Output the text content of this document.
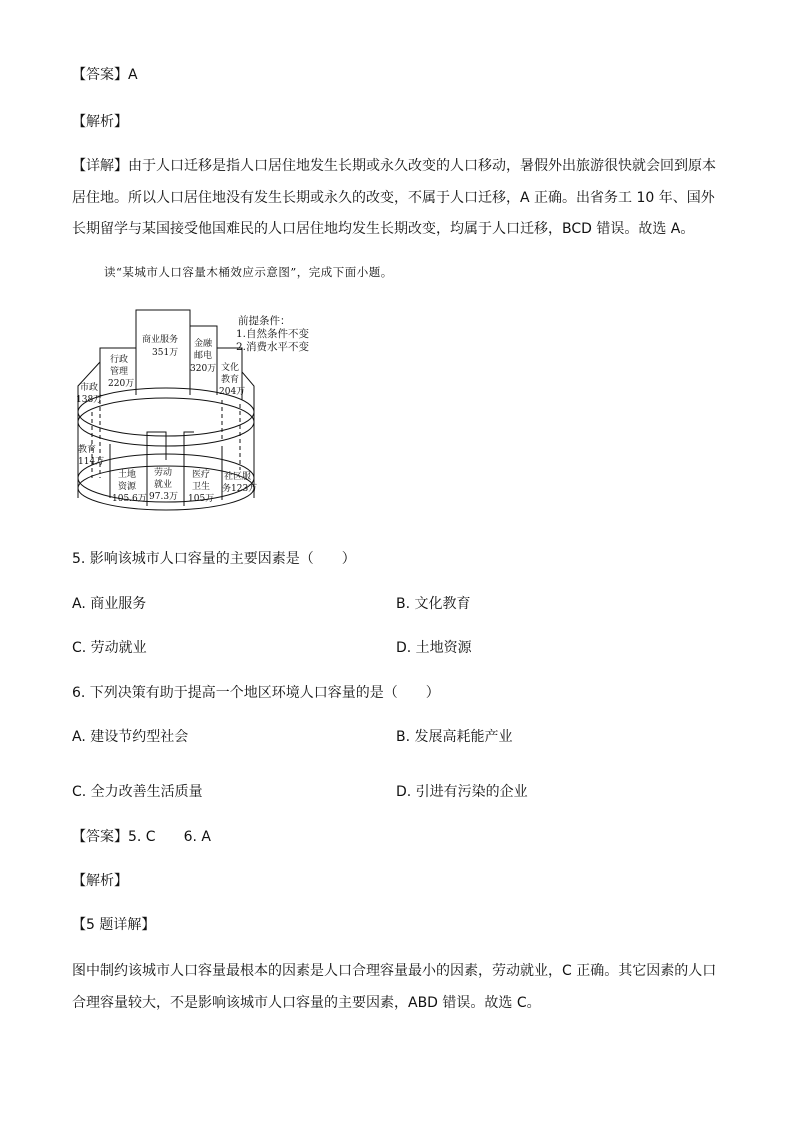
【答案】A
【解析】
【详解】由于人口迁移是指人口居住地发生长期或永久改变的人口移动，暑假外出旅游很快就会回到原本
居住地。所以人口居住地没有发生长期或永久的改变，不属于人口迁移，A 正确。出省务工 10 年、国外
长期留学与某国接受他国难民的人口居住地均发生长期改变，均属于人口迁移，BCD 错误。故选 A。
读“某城市人口容量木桶效应示意图”，完成下面小题。
前提条件：
1.自然条件不变
2.消费水平不变
商业服务
351万
金融
邮电
320万
行政
管理
220万
文化
教育
204万
市政
138万
教育
114万
土地
资源
105.6万
劳动
就业
97.3万
医疗
卫生
105万
社区服
务123万
5. 影响该城市人口容量的主要因素是（　　）
A. 商业服务	B. 文化教育
C. 劳动就业	D. 土地资源
6. 下列决策有助于提高一个地区环境人口容量的是（　　）
A. 建设节约型社会	B. 发展高耗能产业
C. 全力改善生活质量	D. 引进有污染的企业
【答案】5. C　　6. A
【解析】
【5 题详解】
图中制约该城市人口容量最根本的因素是人口合理容量最小的因素，劳动就业，C 正确。其它因素的人口
合理容量较大，不是影响该城市人口容量的主要因素，ABD 错误。故选 C。
